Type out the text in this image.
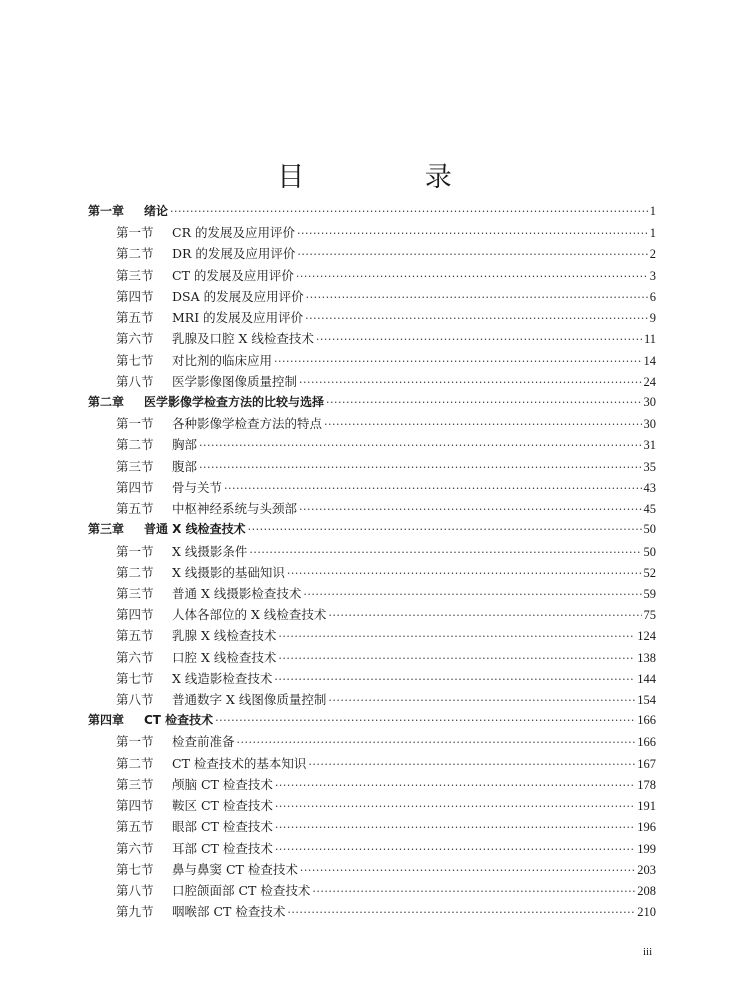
目 录
第一章	绪论 ·····	1
第一节	CR 的发展及应用评价 ·····	1
第二节	DR 的发展及应用评价 ·····	2
第三节	CT 的发展及应用评价 ·····	3
第四节	DSA 的发展及应用评价 ·····	6
第五节	MRI 的发展及应用评价 ·····	9
第六节	乳腺及口腔 X 线检查技术 ·····	11
第七节	对比剂的临床应用 ·····	14
第八节	医学影像图像质量控制 ·····	24
第二章	医学影像学检查方法的比较与选择 ·····	30
第一节	各种影像学检查方法的特点 ·····	30
第二节	胸部 ·····	31
第三节	腹部 ·····	35
第四节	骨与关节 ·····	43
第五节	中枢神经系统与头颈部 ·····	45
第三章	普通 X 线检查技术 ·····	50
第一节	X 线摄影条件 ·····	50
第二节	X 线摄影的基础知识 ·····	52
第三节	普通 X 线摄影检查技术 ·····	59
第四节	人体各部位的 X 线检查技术 ·····	75
第五节	乳腺 X 线检查技术 ·····	124
第六节	口腔 X 线检查技术 ·····	138
第七节	X 线造影检查技术 ·····	144
第八节	普通数字 X 线图像质量控制 ·····	154
第四章	CT 检查技术 ·····	166
第一节	检查前准备 ·····	166
第二节	CT 检查技术的基本知识 ·····	167
第三节	颅脑 CT 检查技术 ·····	178
第四节	鞍区 CT 检查技术 ·····	191
第五节	眼部 CT 检查技术 ·····	196
第六节	耳部 CT 检查技术 ·····	199
第七节	鼻与鼻窦 CT 检查技术 ·····	203
第八节	口腔颌面部 CT 检查技术 ·····	208
第九节	咽喉部 CT 检查技术 ·····	210
iii
